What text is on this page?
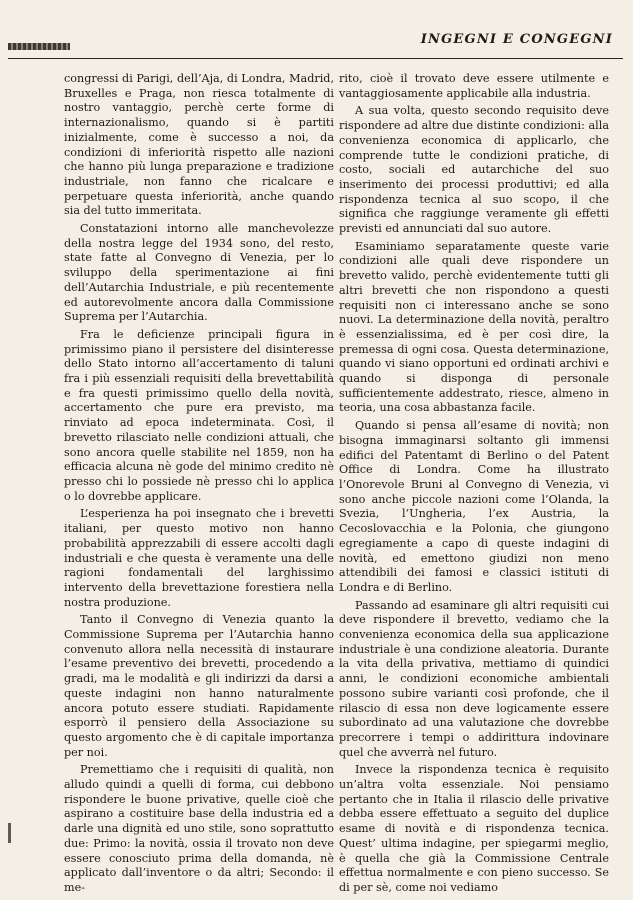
INGEGNI E CONGEGNI

congressi di Parigi, dell’Aja, di Londra, Madrid, Bruxelles e Praga, non riesca totalmente di nostro vantaggio, perchè certe forme di internazionalismo, quando si è partiti inizialmente, come è successo a noi, da condizioni di inferiorità rispetto alle nazioni che hanno più lunga preparazione e tradizione industriale, non fanno che ricalcare e perpetuare questa inferiorità, anche quando sia del tutto immeritata.

Constatazioni intorno alle manchevolezze della nostra legge del 1934 sono, del resto, state fatte al Convegno di Venezia, per lo sviluppo della sperimentazione ai fini dell’Autarchia Industriale, e più recentemente ed autorevolmente ancora dalla Commissione Suprema per l’Autarchia.

Fra le deficienze principali figura in primissimo piano il persistere del disinteresse dello Stato intorno all’accertamento di taluni fra i più essenziali requisiti della brevettabilità e fra questi primissimo quello della novità, accertamento che pure era previsto, ma rinviato ad epoca indeterminata. Così, il brevetto rilasciato nelle condizioni attuali, che sono ancora quelle stabilite nel 1859, non ha efficacia alcuna nè gode del minimo credito nè presso chi lo possiede nè presso chi lo applica o lo dovrebbe applicare.

L’esperienza ha poi insegnato che i brevetti italiani, per questo motivo non hanno probabilità apprezzabili di essere accolti dagli industriali e che questa è veramente una delle ragioni fondamentali del larghissimo intervento della brevettazione forestiera nella nostra produzione.

Tanto il Convegno di Venezia quanto la Commissione Suprema per l’Autarchia hanno convenuto allora nella necessità di instaurare l’esame preventivo dei brevetti, procedendo a gradi, ma le modalità e gli indirizzi da darsi a queste indagini non hanno naturalmente ancora potuto essere studiati. Rapidamente esporrò il pensiero della Associazione su questo argomento che è di capitale importanza per noi.

Premettiamo che i requisiti di qualità, non alludo quindi a quelli di forma, cui debbono rispondere le buone privative, quelle cioè che aspirano a costituire base della industria ed a darle una dignità ed uno stile, sono soprattutto due: Primo: la novità, ossia il trovato non deve essere conosciuto prima della domanda, nè applicato dall’inventore o da altri; Secondo: il me-

rito, cioè il trovato deve essere utilmente e vantaggiosamente applicabile alla industria.

A sua volta, questo secondo requisito deve rispondere ad altre due distinte condizioni: alla convenienza economica di applicarlo, che comprende tutte le condizioni pratiche, di costo, sociali ed autarchiche del suo inserimento dei processi produttivi; ed alla rispondenza tecnica al suo scopo, il che significa che raggiunge veramente gli effetti previsti ed annunciati dal suo autore.

Esaminiamo separatamente queste varie condizioni alle quali deve rispondere un brevetto valido, perchè evidentemente tutti gli altri brevetti che non rispondono a questi requisiti non ci interessano anche se sono nuovi. La determinazione della novità, peraltro è essenzialissima, ed è per così dire, la premessa di ogni cosa. Questa determinazione, quando vi siano opportuni ed ordinati archivi e quando si disponga di personale sufficientemente addestrato, riesce, almeno in teoria, una cosa abbastanza facile.

Quando si pensa all’esame di novità; non bisogna immaginarsi soltanto gli immensi edifici del Patentamt di Berlino o del Patent Office di Londra. Come ha illustrato l’Onorevole Bruni al Convegno di Venezia, vi sono anche piccole nazioni come l’Olanda, la Svezia, l’Ungheria, l’ex Austria, la Cecoslovacchia e la Polonia, che giungono egregiamente a capo di queste indagini di novità, ed emettono giudizi non meno attendibili dei famosi e classici istituti di Londra e di Berlino.

Passando ad esaminare gli altri requisiti cui deve rispondere il brevetto, vediamo che la convenienza economica della sua applicazione industriale è una condizione aleatoria. Durante la vita della privativa, mettiamo di quindici anni, le condizioni economiche ambientali possono subire varianti così profonde, che il rilascio di essa non deve logicamente essere subordinato ad una valutazione che dovrebbe precorrere i tempi o addirittura indovinare quel che avverrà nel futuro.

Invece la rispondenza tecnica è requisito un’altra volta essenziale. Noi pensiamo pertanto che in Italia il rilascio delle privative debba essere effettuato a seguito del duplice esame di novità e di rispondenza tecnica. Quest’ ultima indagine, per spiegarmi meglio, è quella che già la Commissione Centrale effettua normalmente e con pieno successo. Se di per sè, come noi vediamo
